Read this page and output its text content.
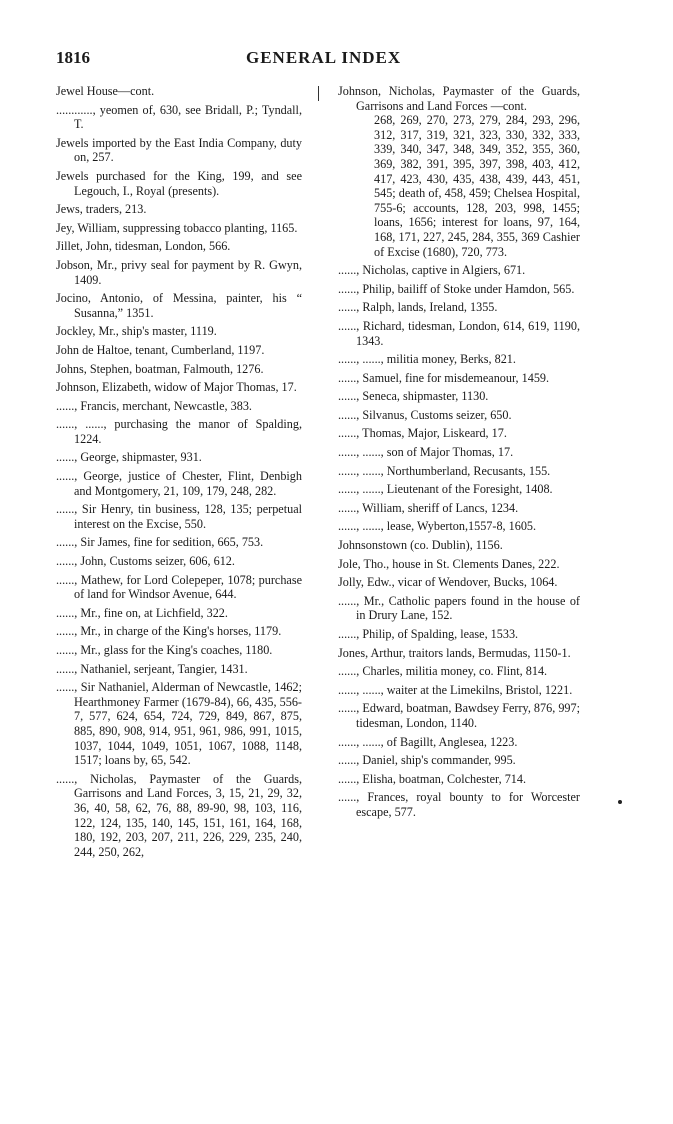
1816	GENERAL INDEX
Jewel House—cont.
............, yeomen of, 630, see Bridall, P.; Tyndall, T.
Jewels imported by the East India Company, duty on, 257.
Jewels purchased for the King, 199, and see Legouch, I., Royal (presents).
Jews, traders, 213.
Jey, William, suppressing tobacco planting, 1165.
Jillet, John, tidesman, London, 566.
Jobson, Mr., privy seal for payment by R. Gwyn, 1409.
Jocino, Antonio, of Messina, painter, his “ Susanna,” 1351.
Jockley, Mr., ship's master, 1119.
John de Haltoe, tenant, Cumberland, 1197.
Johns, Stephen, boatman, Falmouth, 1276.
Johnson, Elizabeth, widow of Major Thomas, 17.
......, Francis, merchant, Newcastle, 383.
......, ......, purchasing the manor of Spalding, 1224.
......, George, shipmaster, 931.
......, George, justice of Chester, Flint, Denbigh and Montgomery, 21, 109, 179, 248, 282.
......, Sir Henry, tin business, 128, 135; perpetual interest on the Excise, 550.
......, Sir James, fine for sedition, 665, 753.
......, John, Customs seizer, 606, 612.
......, Mathew, for Lord Colepeper, 1078; purchase of land for Windsor Avenue, 644.
......, Mr., fine on, at Lichfield, 322.
......, Mr., in charge of the King's horses, 1179.
......, Mr., glass for the King's coaches, 1180.
......, Nathaniel, serjeant, Tangier, 1431.
......, Sir Nathaniel, Alderman of Newcastle, 1462; Hearthmoney Farmer (1679-84), 66, 435, 556-7, 577, 624, 654, 724, 729, 849, 867, 875, 885, 890, 908, 914, 951, 961, 986, 991, 1015, 1037, 1044, 1049, 1051, 1067, 1088, 1148, 1517; loans by, 65, 542.
......, Nicholas, Paymaster of the Guards, Garrisons and Land Forces, 3, 15, 21, 29, 32, 36, 40, 58, 62, 76, 88, 89-90, 98, 103, 116, 122, 124, 135, 140, 145, 151, 161, 164, 168, 180, 192, 203, 207, 211, 226, 229, 235, 240, 244, 250, 262,
Johnson, Nicholas, Paymaster of the Guards, Garrisons and Land Forces —cont.
268, 269, 270, 273, 279, 284, 293, 296, 312, 317, 319, 321, 323, 330, 332, 333, 339, 340, 347, 348, 349, 352, 355, 360, 369, 382, 391, 395, 397, 398, 403, 412, 417, 423, 430, 435, 438, 439, 443, 451, 545; death of, 458, 459; Chelsea Hospital, 755-6; accounts, 128, 203, 998, 1455; loans, 1656; interest for loans, 97, 164, 168, 171, 227, 245, 284, 355, 369 Cashier of Excise (1680), 720, 773.
......, Nicholas, captive in Algiers, 671.
......, Philip, bailiff of Stoke under Hamdon, 565.
......, Ralph, lands, Ireland, 1355.
......, Richard, tidesman, London, 614, 619, 1190, 1343.
......, ......, militia money, Berks, 821.
......, Samuel, fine for misdemeanour, 1459.
......, Seneca, shipmaster, 1130.
......, Silvanus, Customs seizer, 650.
......, Thomas, Major, Liskeard, 17.
......, ......, son of Major Thomas, 17.
......, ......, Northumberland, Recusants, 155.
......, ......, Lieutenant of the Foresight, 1408.
......, William, sheriff of Lancs, 1234.
......, ......, lease, Wyberton,1557-8, 1605.
Johnsonstown (co. Dublin), 1156.
Jole, Tho., house in St. Clements Danes, 222.
Jolly, Edw., vicar of Wendover, Bucks, 1064.
......, Mr., Catholic papers found in the house of in Drury Lane, 152.
......, Philip, of Spalding, lease, 1533.
Jones, Arthur, traitors lands, Bermudas, 1150-1.
......, Charles, militia money, co. Flint, 814.
......, ......, waiter at the Limekilns, Bristol, 1221.
......, Edward, boatman, Bawdsey Ferry, 876, 997; tidesman, London, 1140.
......, ......, of Bagillt, Anglesea, 1223.
......, Daniel, ship's commander, 995.
......, Elisha, boatman, Colchester, 714.
......, Frances, royal bounty to for Worcester escape, 577.
